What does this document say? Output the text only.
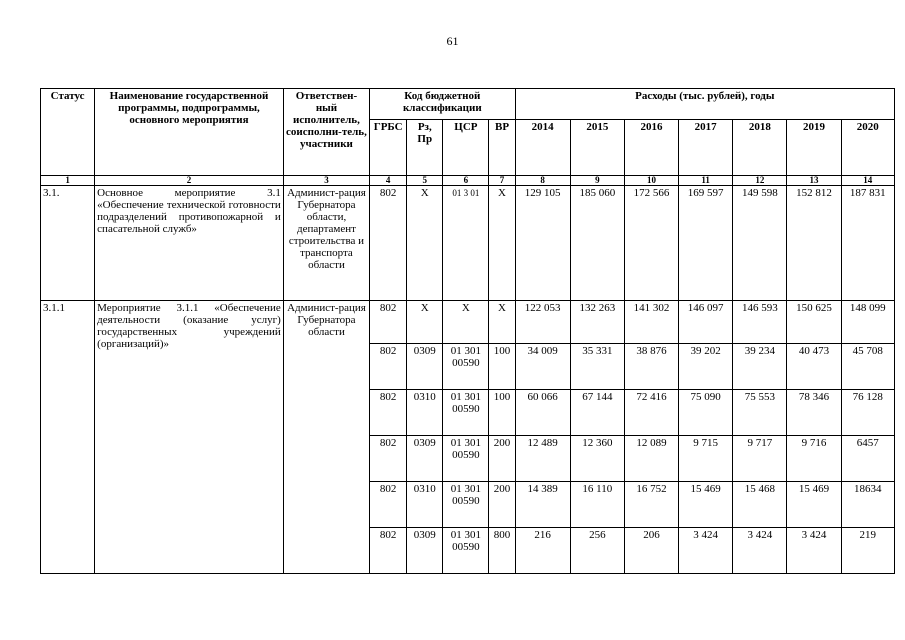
61
Статус	Наименование государственной программы, подпрограммы, основного мероприятия	Ответствен-ный исполнитель, соисполни-тель, участники	Код бюджетной классификации				Расходы (тыс. рублей), годы						
			ГРБС	Рз, Пр	ЦСР	ВР	2014	2015	2016	2017	2018	2019	2020
1	2	3	4	5	6	7	8	9	10	11	12	13	14
3.1.	Основное мероприятие 3.1 «Обеспечение технической готовности подразделений противопожарной и спасательной служб»	Админист-рация Губернатора области, департамент строительства и транспорта области	802	Х	01 3 01	Х	129 105	185 060	172 566	169 597	149 598	152 812	187 831
3.1.1	Мероприятие 3.1.1 «Обеспечение деятельности (оказание услуг) государственных учреждений (организаций)»	Админист-рация Губернатора области	802	Х	Х	Х	122 053	132 263	141 302	146 097	146 593	150 625	148 099
			802	0309	01 301 00590	100	34 009	35 331	38 876	39 202	39 234	40 473	45 708
			802	0310	01 301 00590	100	60 066	67 144	72 416	75 090	75 553	78 346	76 128
			802	0309	01 301 00590	200	12 489	12 360	12 089	9 715	9 717	9 716	6457
			802	0310	01 301 00590	200	14 389	16 110	16 752	15 469	15 468	15 469	18634
			802	0309	01 301 00590	800	216	256	206	3 424	3 424	3 424	219
